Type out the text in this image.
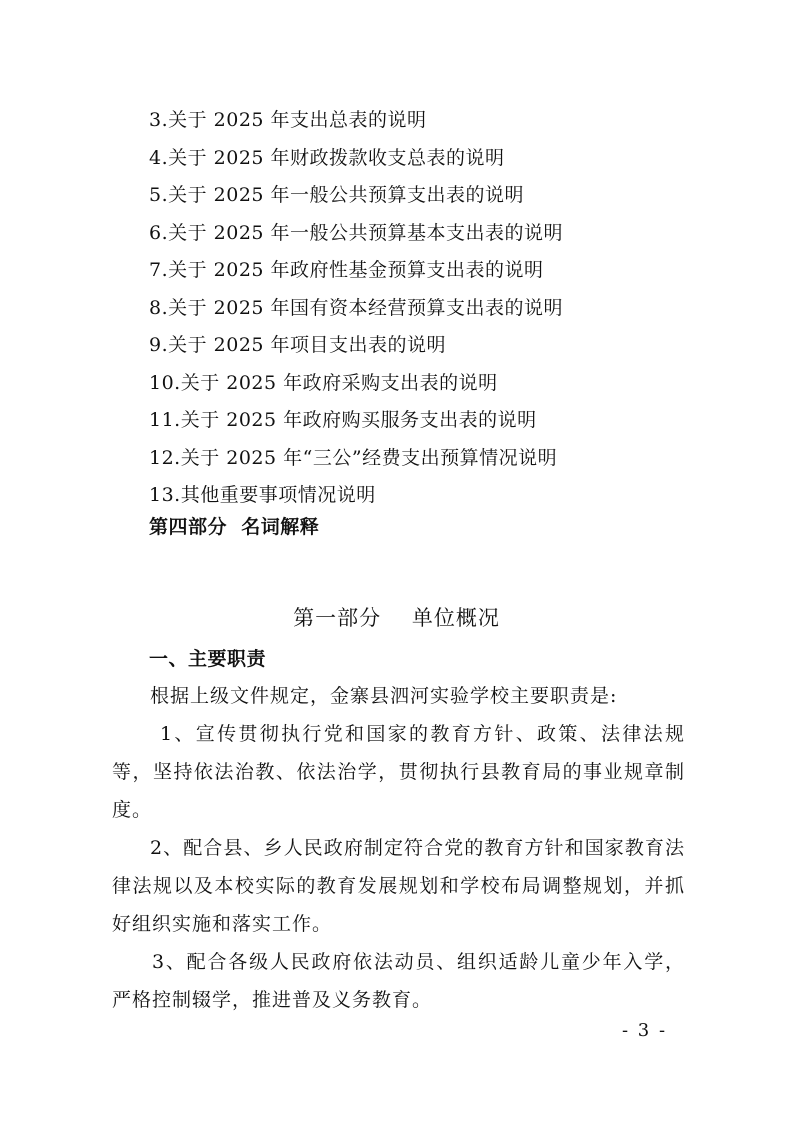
3.关于 2025 年支出总表的说明
4.关于 2025 年财政拨款收支总表的说明
5.关于 2025 年一般公共预算支出表的说明
6.关于 2025 年一般公共预算基本支出表的说明
7.关于 2025 年政府性基金预算支出表的说明
8.关于 2025 年国有资本经营预算支出表的说明
9.关于 2025 年项目支出表的说明
10.关于 2025 年政府采购支出表的说明
11.关于 2025 年政府购买服务支出表的说明
12.关于 2025 年“三公”经费支出预算情况说明
13.其他重要事项情况说明
第四部分  名词解释
第一部分    单位概况
一、主要职责

根据上级文件规定，金寨县泗河实验学校主要职责是:

1、宣传贯彻执行党和国家的教育方针、政策、法律法规等，坚持依法治教、依法治学，贯彻执行县教育局的事业规章制度。

2、配合县、乡人民政府制定符合党的教育方针和国家教育法律法规以及本校实际的教育发展规划和学校布局调整规划，并抓好组织实施和落实工作。

3、配合各级人民政府依法动员、组织适龄儿童少年入学，严格控制辍学，推进普及义务教育。

- 3 -
